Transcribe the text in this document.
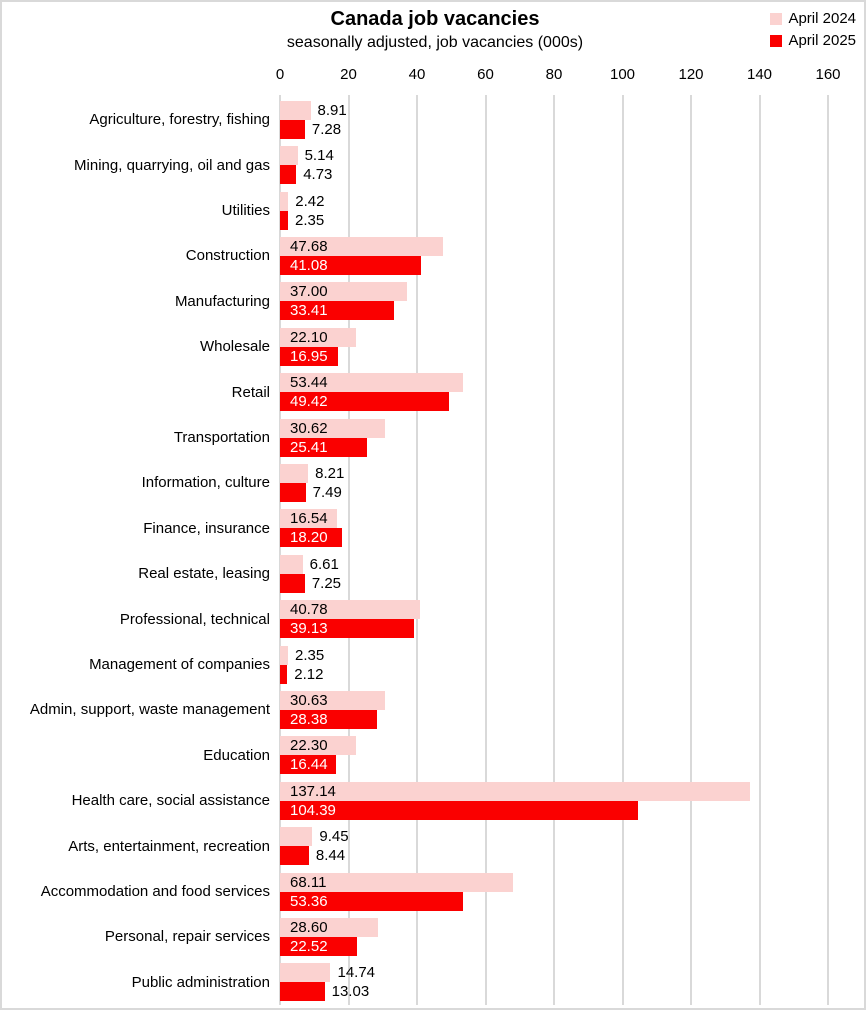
Canada job vacancies
seasonally adjusted, job vacancies (000s)
April 2024
April 2025
0	20	40	60	80	100	120	140	160
Agriculture, forestry, fishing
8.91
7.28
Mining, quarrying, oil and gas
5.14
4.73
Utilities
2.42
2.35
Construction
47.68
41.08
Manufacturing
37.00
33.41
Wholesale
22.10
16.95
Retail
53.44
49.42
Transportation
30.62
25.41
Information, culture
8.21
7.49
Finance, insurance
16.54
18.20
Real estate, leasing
6.61
7.25
Professional, technical
40.78
39.13
Management of companies
2.35
2.12
Admin, support, waste management
30.63
28.38
Education
22.30
16.44
Health care, social assistance
137.14
104.39
Arts, entertainment, recreation
9.45
8.44
Accommodation and food services
68.11
53.36
Personal, repair services
28.60
22.52
Public administration
14.74
13.03
